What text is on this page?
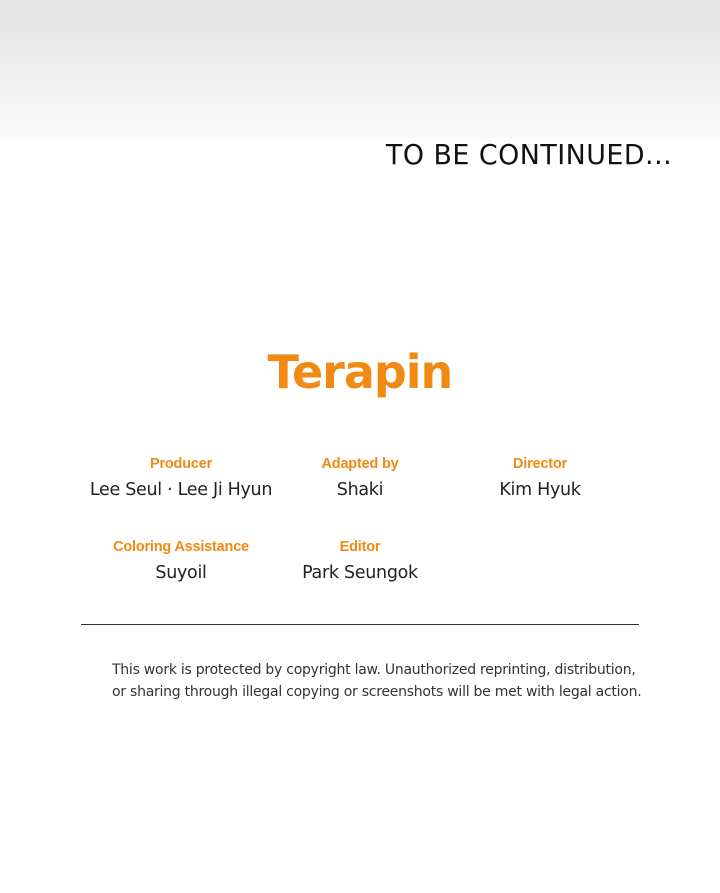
TO BE CONTINUED...
Terapin
Producer
Lee Seul · Lee Ji Hyun
Adapted by
Shaki
Director
Kim Hyuk
Coloring Assistance
Suyoil
Editor
Park Seungok
This work is protected by copyright law. Unauthorized reprinting, distribution,
or sharing through illegal copying or screenshots will be met with legal action.
